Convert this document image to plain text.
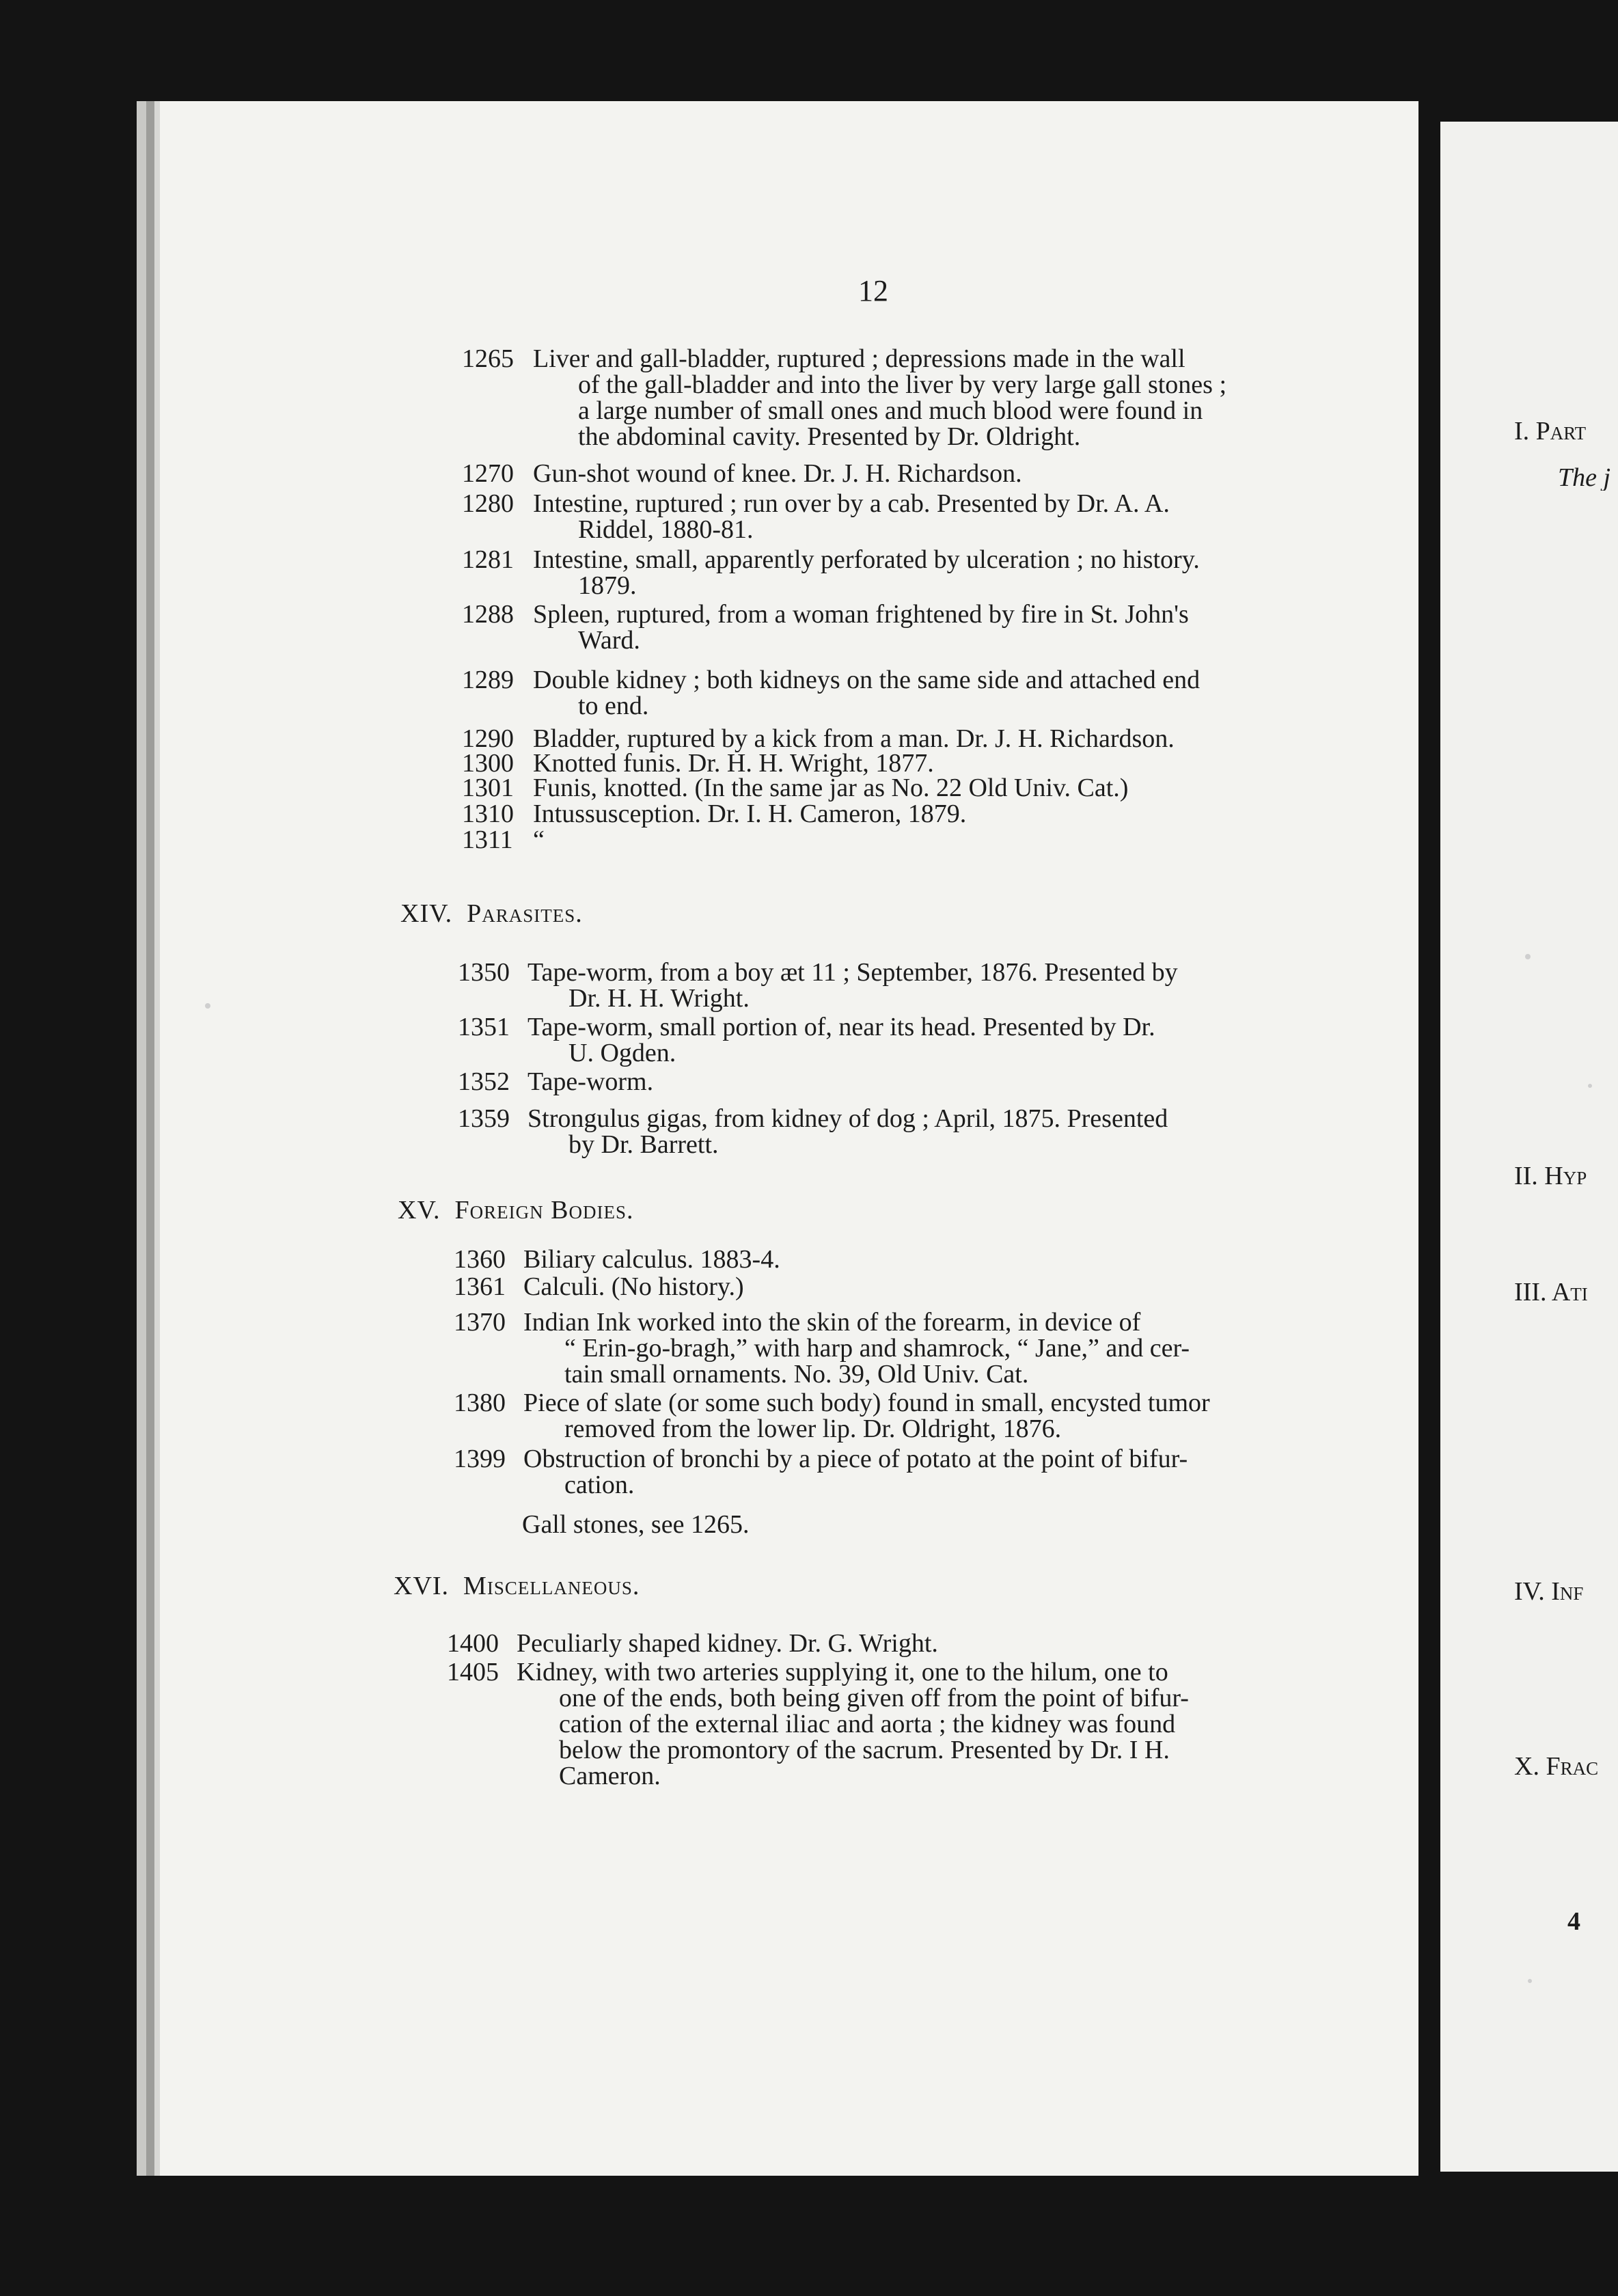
12
1265 Liver and gall-bladder, ruptured ; depressions made in the wall
of the gall-bladder and into the liver by very large gall stones ;
a large number of small ones and much blood were found in
the abdominal cavity. Presented by Dr. Oldright.
1270 Gun-shot wound of knee. Dr. J. H. Richardson.
1280 Intestine, ruptured ; run over by a cab. Presented by Dr. A. A.
Riddel, 1880-81.
1281 Intestine, small, apparently perforated by ulceration ; no history.
1879.
1288 Spleen, ruptured, from a woman frightened by fire in St. John's
Ward.
1289 Double kidney ; both kidneys on the same side and attached end
to end.
1290 Bladder, ruptured by a kick from a man. Dr. J. H. Richardson.
1300 Knotted funis. Dr. H. H. Wright, 1877.
1301 Funis, knotted. (In the same jar as No. 22 Old Univ. Cat.)
1310 Intussusception. Dr. I. H. Cameron, 1879.
1311 “
XIV. Parasites.
1350 Tape-worm, from a boy æt 11 ; September, 1876. Presented by
Dr. H. H. Wright.
1351 Tape-worm, small portion of, near its head. Presented by Dr.
U. Ogden.
1352 Tape-worm.
1359 Strongulus gigas, from kidney of dog ; April, 1875. Presented
by Dr. Barrett.
XV. Foreign Bodies.
1360 Biliary calculus. 1883-4.
1361 Calculi. (No history.)
1370 Indian Ink worked into the skin of the forearm, in device of
“ Erin-go-bragh,” with harp and shamrock, “ Jane,” and cer-
tain small ornaments. No. 39, Old Univ. Cat.
1380 Piece of slate (or some such body) found in small, encysted tumor
removed from the lower lip. Dr. Oldright, 1876.
1399 Obstruction of bronchi by a piece of potato at the point of bifur-
cation.
Gall stones, see 1265.
XVI. Miscellaneous.
1400 Peculiarly shaped kidney. Dr. G. Wright.
1405 Kidney, with two arteries supplying it, one to the hilum, one to
one of the ends, both being given off from the point of bifur-
cation of the external iliac and aorta ; the kidney was found
below the promontory of the sacrum. Presented by Dr. I H.
Cameron.
I. Part
The j
II. Hyp
III. Ati
IV. Inf
X. Frac
4
